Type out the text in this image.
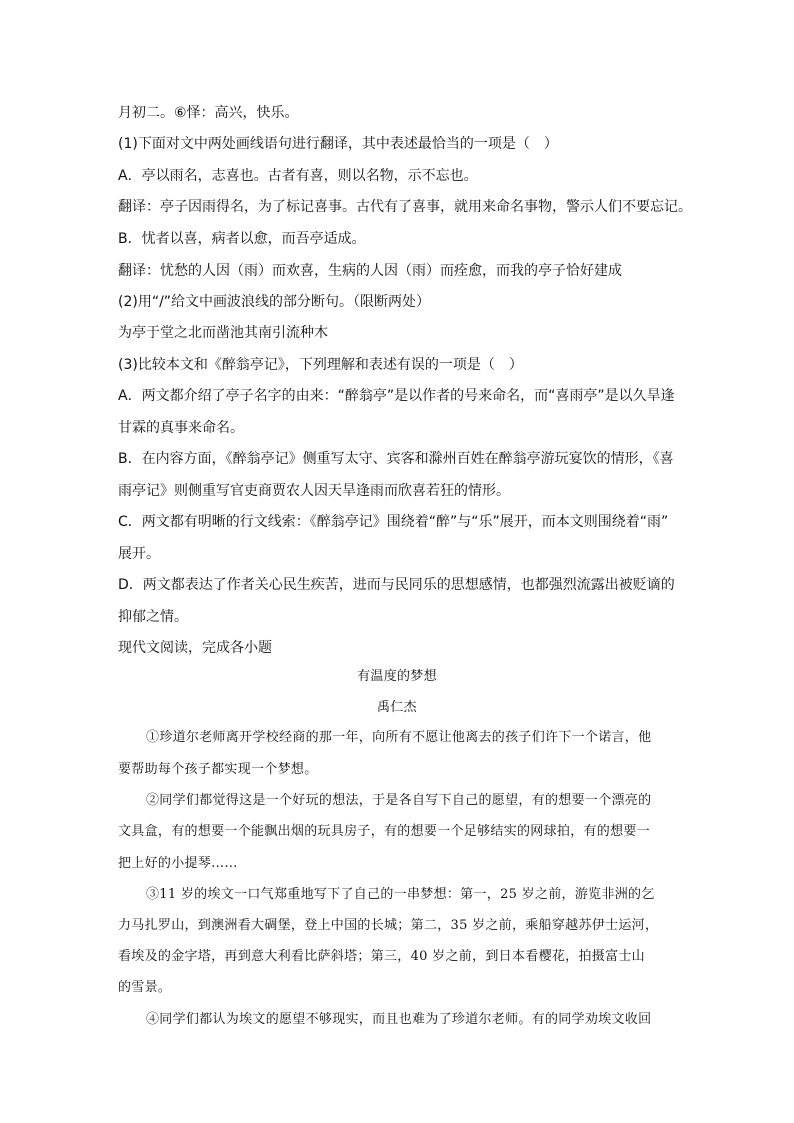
月初二。⑥怿：高兴，快乐。
(1)下面对文中两处画线语句进行翻译，其中表述最恰当的一项是（　）
A．亭以雨名，志喜也。古者有喜，则以名物，示不忘也。
翻译：亭子因雨得名，为了标记喜事。古代有了喜事，就用来命名事物，警示人们不要忘记。
B．忧者以喜，病者以愈，而吾亭适成。
翻译：忧愁的人因（雨）而欢喜，生病的人因（雨）而痊愈，而我的亭子恰好建成
(2)用“/”给文中画波浪线的部分断句。（限断两处）
为亭于堂之北而凿池其南引流种木
(3)比较本文和《醉翁亭记》，下列理解和表述有误的一项是（　）
A．两文都介绍了亭子名字的由来：“醉翁亭”是以作者的号来命名，而“喜雨亭”是以久旱逢
甘霖的真事来命名。
B．在内容方面，《醉翁亭记》侧重写太守、宾客和滁州百姓在醉翁亭游玩宴饮的情形，《喜
雨亭记》则侧重写官吏商贾农人因天旱逢雨而欣喜若狂的情形。
C．两文都有明晰的行文线索：《醉翁亭记》围绕着“醉”与“乐”展开，而本文则围绕着“雨”
展开。
D．两文都表达了作者关心民生疾苦，进而与民同乐的思想感情，也都强烈流露出被贬谪的
抑郁之情。
现代文阅读，完成各小题
有温度的梦想
禹仁杰
①珍道尔老师离开学校经商的那一年，向所有不愿让他离去的孩子们许下一个诺言，他
要帮助每个孩子都实现一个梦想。
②同学们都觉得这是一个好玩的想法，于是各自写下自己的愿望，有的想要一个漂亮的
文具盒，有的想要一个能飘出烟的玩具房子，有的想要一个足够结实的网球拍，有的想要一
把上好的小提琴……
③11 岁的埃文一口气郑重地写下了自己的一串梦想：第一，25 岁之前，游览非洲的乞
力马扎罗山，到澳洲看大碉堡，登上中国的长城；第二，35 岁之前，乘船穿越苏伊士运河，
看埃及的金字塔，再到意大利看比萨斜塔；第三，40 岁之前，到日本看樱花，拍摄富士山
的雪景。
④同学们都认为埃文的愿望不够现实，而且也难为了珍道尔老师。有的同学劝埃文收回
